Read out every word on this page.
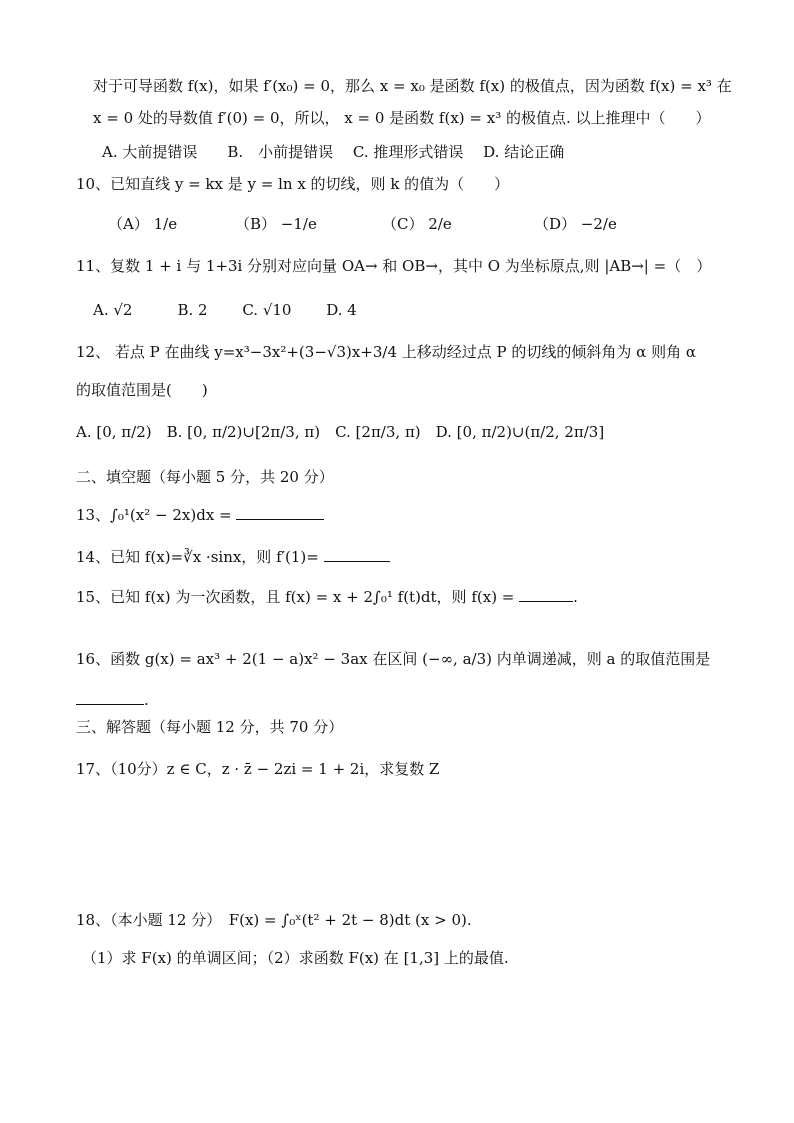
对于可导函数 f(x)，如果 f′(x₀) = 0，那么 x = x₀ 是函数 f(x) 的极值点，因为函数 f(x) = x³ 在
x = 0 处的导数值 f′(0) = 0，所以， x = 0 是函数 f(x) = x³ 的极值点. 以上推理中（　　）
A. 大前提错误　　B.　小前提错误　 C. 推理形式错误　 D. 结论正确
10、已知直线 y = kx 是 y = ln x 的切线，则 k 的值为（　　）
（A） 1/e	（B） −1/e	（C） 2/e	（D） −2/e
11、复数 1 + i 与 1+3i 分别对应向量 OA→ 和 OB→，其中 O 为坐标原点,则 |AB→| =（　）
A. √2　　　B. 2　　 C. √10　　 D. 4
12、 若点 P 在曲线 y=x³−3x²+(3−√3)x+3/4 上移动经过点 P 的切线的倾斜角为 α 则角 α
的取值范围是(　　)
A. [0, π/2)　B. [0, π/2)∪[2π/3, π)　C. [2π/3, π)　D. [0, π/2)∪(π/2, 2π/3]
二、填空题（每小题 5 分，共 20 分）
13、∫₀¹(x² − 2x)dx =
14、已知 f(x)=∛x ·sinx，则 f′(1)=
15、已知 f(x) 为一次函数，且 f(x) = x + 2∫₀¹ f(t)dt，则 f(x) =	.
16、函数 g(x) = ax³ + 2(1 − a)x² − 3ax 在区间 (−∞, a/3) 内单调递减，则 a 的取值范围是
.
三、解答题（每小题 12 分，共 70 分）
17、（10分）z ∈ C，z · z̄ − 2zi = 1 + 2i，求复数 Z
18、（本小题 12 分）　F(x) = ∫₀ˣ(t² + 2t − 8)dt (x > 0).
（1）求 F(x) 的单调区间；（2）求函数 F(x) 在 [1,3] 上的最值.
